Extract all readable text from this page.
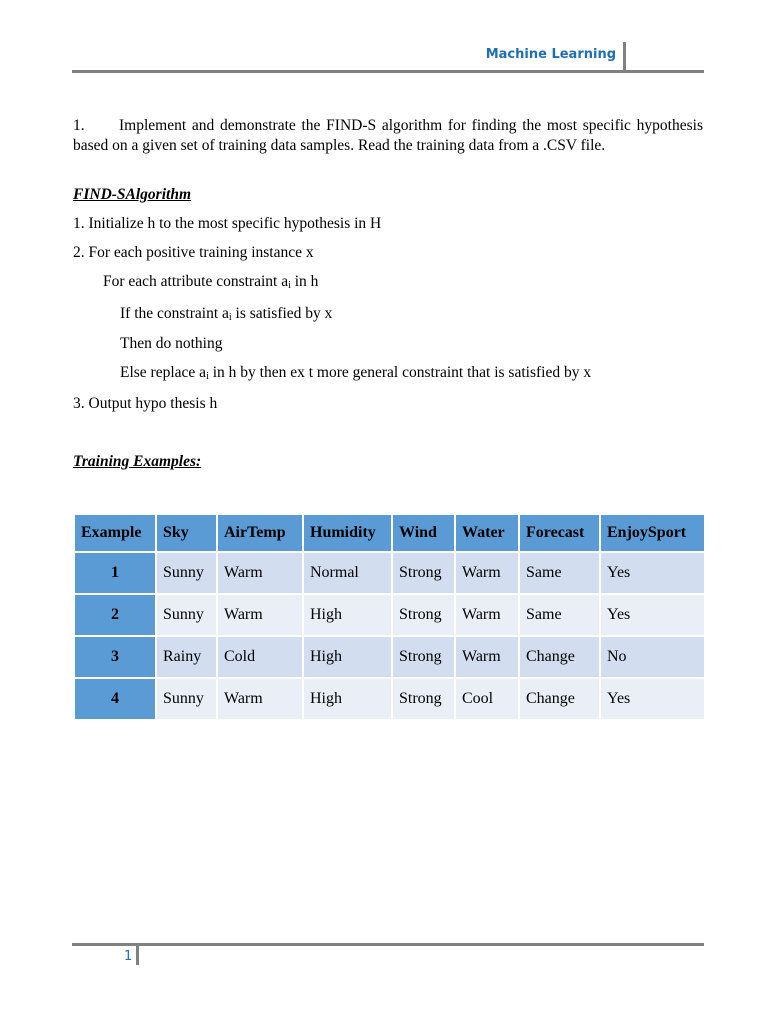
Machine Learning

1. Implement and demonstrate the FIND-S algorithm for finding the most specific hypothesis based on a given set of training data samples. Read the training data from a .CSV file.

FIND-SAlgorithm

1. Initialize h to the most specific hypothesis in H

2. For each positive training instance x

For each attribute constraint $a_i$ in h

If the constraint $a_i$ is satisfied by x

Then do nothing

Else replace $a_i$ in h by then ex t more general constraint that is satisfied by x

3. Output hypo thesis h

Training Examples:

Example	Sky	AirTemp	Humidity	Wind	Water	Forecast	EnjoySport
1	Sunny	Warm	Normal	Strong	Warm	Same	Yes
2	Sunny	Warm	High	Strong	Warm	Same	Yes
3	Rainy	Cold	High	Strong	Warm	Change	No
4	Sunny	Warm	High	Strong	Cool	Change	Yes
1
